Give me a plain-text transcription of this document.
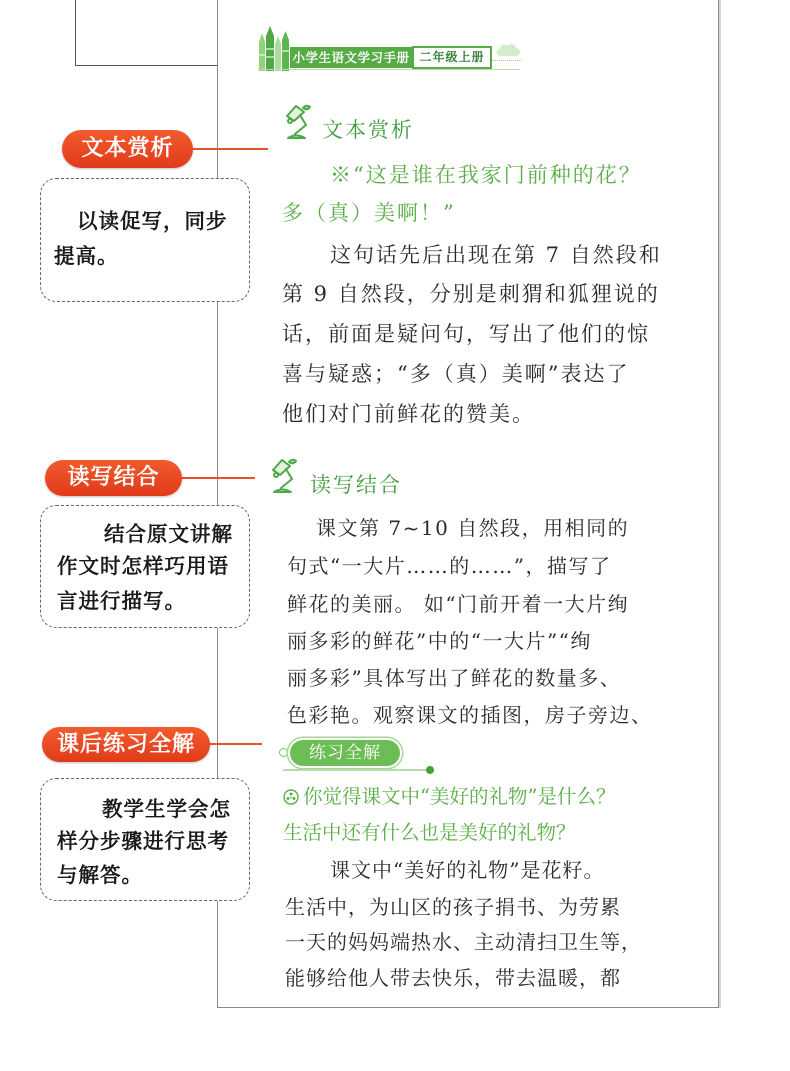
小学生语文学习手册 二年级上册
文本赏析
※“这是谁在我家门前种的花？
多（真）美啊！”
这句话先后出现在第 7 自然段和
第 9 自然段，分别是刺猬和狐狸说的
话，前面是疑问句，写出了他们的惊
喜与疑惑；“多（真）美啊”表达了
他们对门前鲜花的赞美。
读写结合
课文第 7~10 自然段，用相同的
句式“一大片……的……”，描写了
鲜花的美丽。 如“门前开着一大片绚
丽多彩的鲜花”中的“一大片”“绚
丽多彩”具体写出了鲜花的数量多、
色彩艳。观察课文的插图，房子旁边、
练习全解
你觉得课文中“美好的礼物”是什么？
生活中还有什么也是美好的礼物？
课文中“美好的礼物”是花籽。
生活中，为山区的孩子捐书、为劳累
一天的妈妈端热水、主动清扫卫生等，
能够给他人带去快乐，带去温暖，都
文本赏析
以读促写，同步
提高。
读写结合
结合原文讲解
作文时怎样巧用语
言进行描写。
课后练习全解
教学生学会怎
样分步骤进行思考
与解答。
